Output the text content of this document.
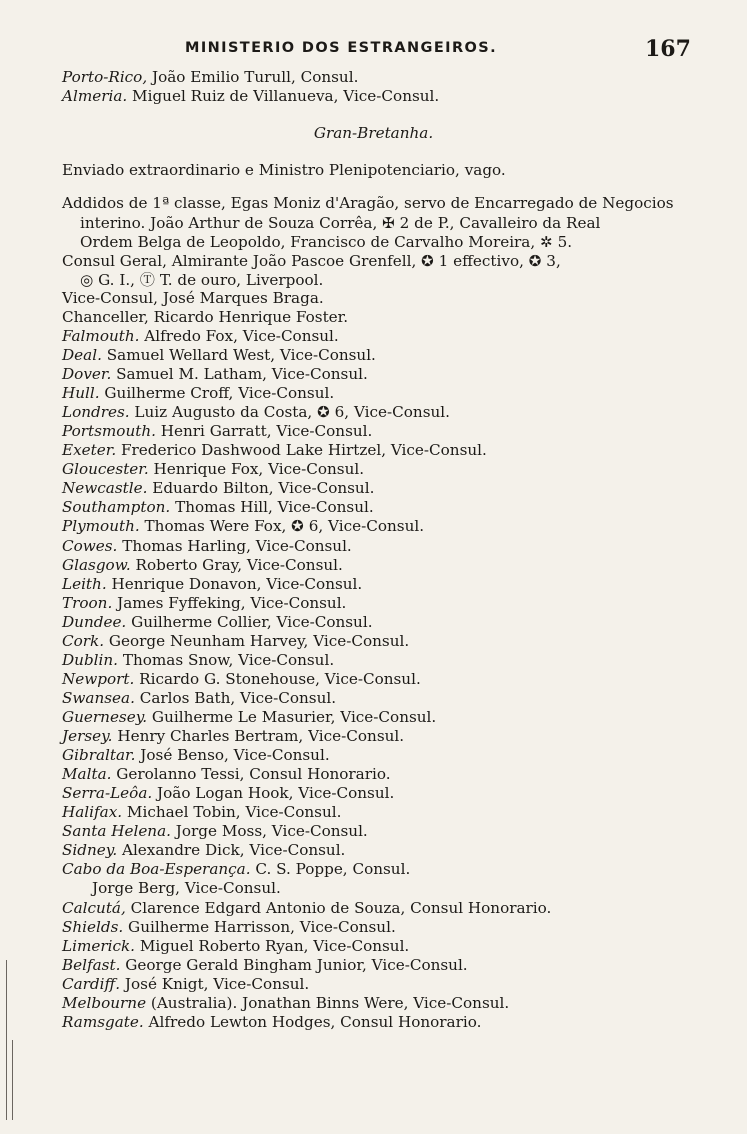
MINISTERIO DOS ESTRANGEIROS.	167
Porto-Rico, João Emilio Turull, Consul.
Almeria. Miguel Ruiz de Villanueva, Vice-Consul.
Gran-Bretanha.
Enviado extraordinario e Ministro Plenipotenciario, vago.
Addidos de 1ª classe, Egas Moniz d'Aragão, servo de Encarregado de Negocios
interino. João Arthur de Souza Corrêa, ✠ 2 de P., Cavalleiro da Real
Ordem Belga de Leopoldo, Francisco de Carvalho Moreira, ✲ 5.
Consul Geral, Almirante João Pascoe Grenfell, ✪ 1 effectivo, ✪ 3,
◎ G. I., Ⓣ T. de ouro, Liverpool.
Vice-Consul, José Marques Braga.
Chanceller, Ricardo Henrique Foster.
Falmouth. Alfredo Fox, Vice-Consul.
Deal. Samuel Wellard West, Vice-Consul.
Dover. Samuel M. Latham, Vice-Consul.
Hull. Guilherme Croff, Vice-Consul.
Londres. Luiz Augusto da Costa, ✪ 6, Vice-Consul.
Portsmouth. Henri Garratt, Vice-Consul.
Exeter. Frederico Dashwood Lake Hirtzel, Vice-Consul.
Gloucester. Henrique Fox, Vice-Consul.
Newcastle. Eduardo Bilton, Vice-Consul.
Southampton. Thomas Hill, Vice-Consul.
Plymouth. Thomas Were Fox, ✪ 6, Vice-Consul.
Cowes. Thomas Harling, Vice-Consul.
Glasgow. Roberto Gray, Vice-Consul.
Leith. Henrique Donavon, Vice-Consul.
Troon. James Fyffeking, Vice-Consul.
Dundee. Guilherme Collier, Vice-Consul.
Cork. George Neunham Harvey, Vice-Consul.
Dublin. Thomas Snow, Vice-Consul.
Newport. Ricardo G. Stonehouse, Vice-Consul.
Swansea. Carlos Bath, Vice-Consul.
Guernesey. Guilherme Le Masurier, Vice-Consul.
Jersey. Henry Charles Bertram, Vice-Consul.
Gibraltar. José Benso, Vice-Consul.
Malta. Gerolanno Tessi, Consul Honorario.
Serra-Leôa. João Logan Hook, Vice-Consul.
Halifax. Michael Tobin, Vice-Consul.
Santa Helena. Jorge Moss, Vice-Consul.
Sidney. Alexandre Dick, Vice-Consul.
Cabo da Boa-Esperança. C. S. Poppe, Consul.
Jorge Berg, Vice-Consul.
Calcutá, Clarence Edgard Antonio de Souza, Consul Honorario.
Shields. Guilherme Harrisson, Vice-Consul.
Limerick. Miguel Roberto Ryan, Vice-Consul.
Belfast. George Gerald Bingham Junior, Vice-Consul.
Cardiff. José Knigt, Vice-Consul.
Melbourne (Australia). Jonathan Binns Were, Vice-Consul.
Ramsgate. Alfredo Lewton Hodges, Consul Honorario.
